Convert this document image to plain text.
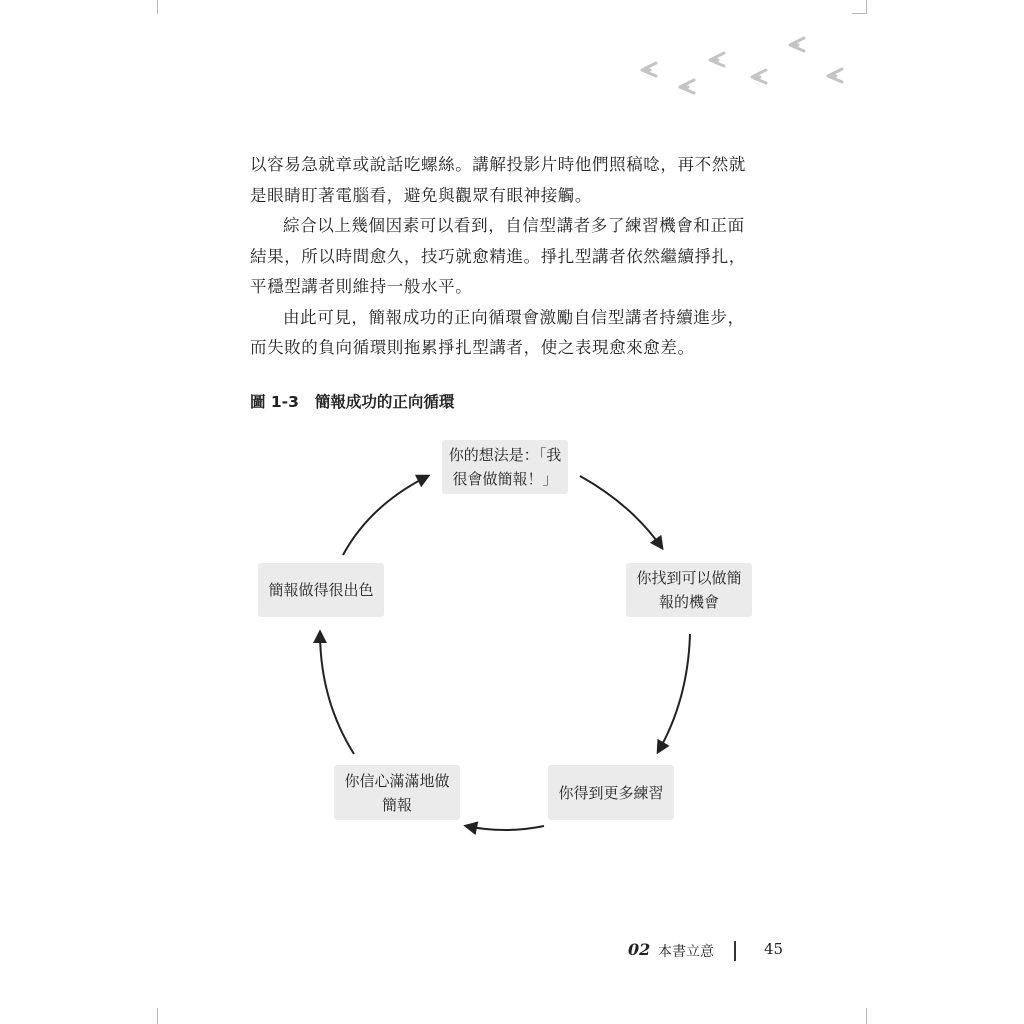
以容易急就章或說話吃螺絲。講解投影片時他們照稿唸，再不然就
是眼睛盯著電腦看，避免與觀眾有眼神接觸。
綜合以上幾個因素可以看到，自信型講者多了練習機會和正面
結果，所以時間愈久，技巧就愈精進。掙扎型講者依然繼續掙扎，
平穩型講者則維持一般水平。
由此可見，簡報成功的正向循環會激勵自信型講者持續進步，
而失敗的負向循環則拖累掙扎型講者，使之表現愈來愈差。
圖 1-3 簡報成功的正向循環
你的想法是：「我
很會做簡報！」
你找到可以做簡
報的機會
你得到更多練習
你信心滿滿地做
簡報
簡報做得很出色
02 本書立意	45
